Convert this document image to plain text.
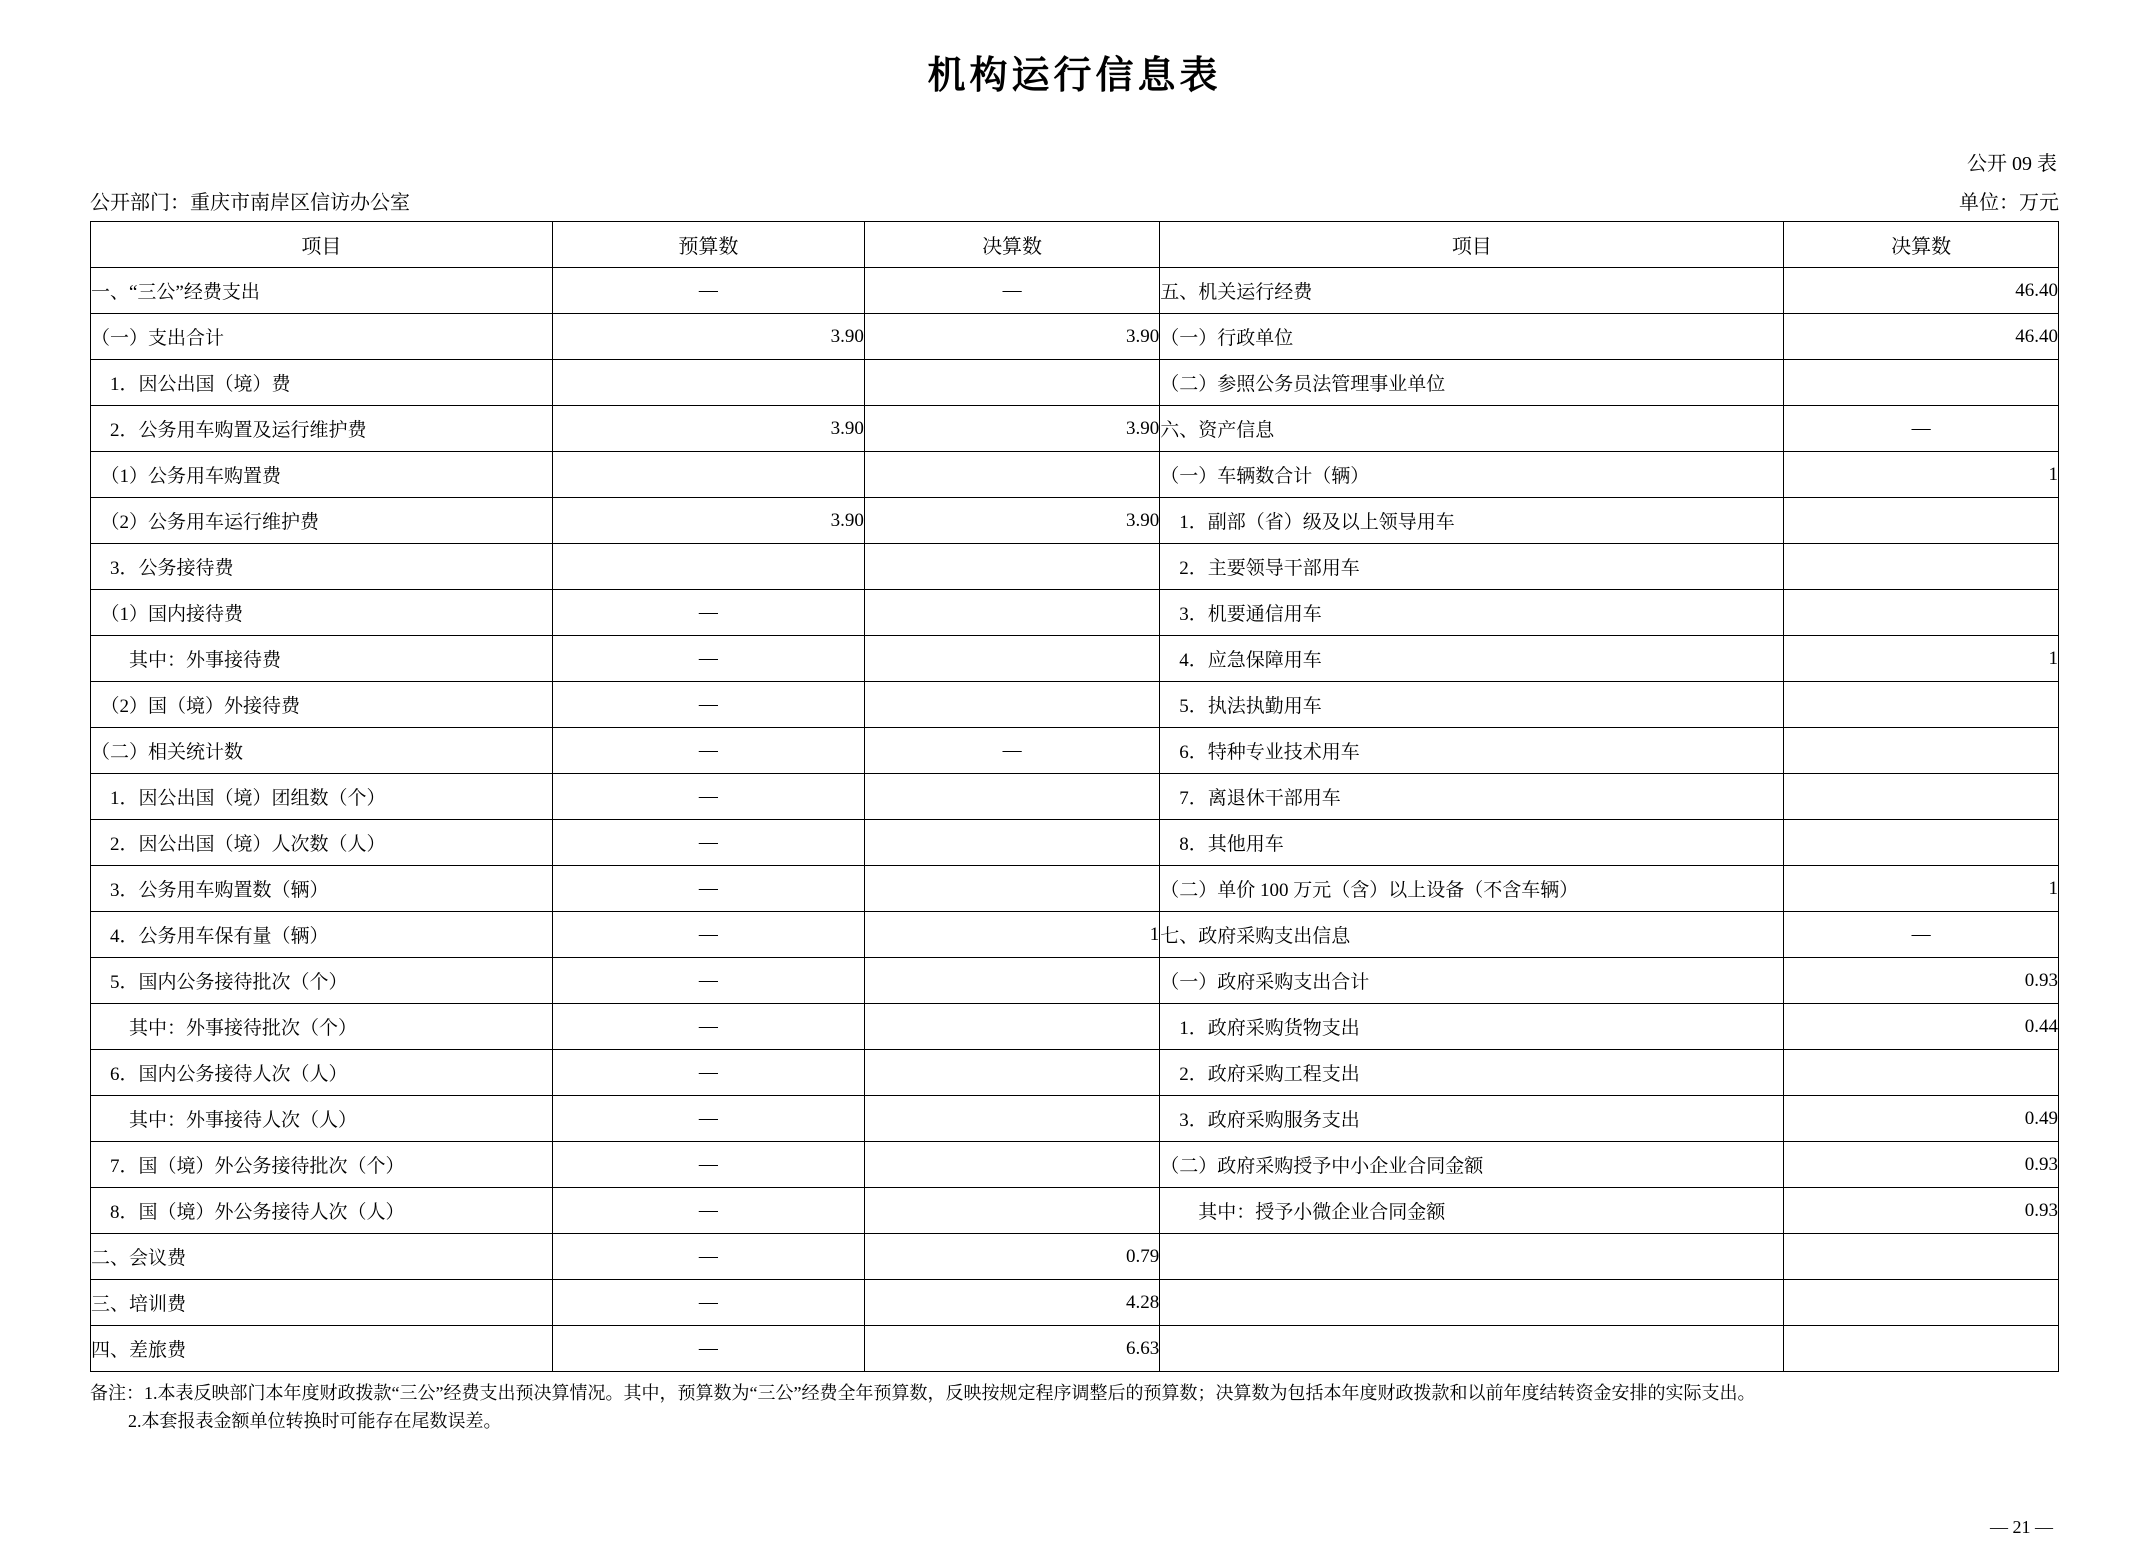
机构运行信息表
公开 09 表
公开部门：重庆市南岸区信访办公室	单位：万元
项目	预算数	决算数	项目	决算数
一、“三公”经费支出	—	—	五、机关运行经费	46.40
（一）支出合计	3.90	3.90	（一）行政单位	46.40
　1．因公出国（境）费			（二）参照公务员法管理事业单位	
　2．公务用车购置及运行维护费	3.90	3.90	六、资产信息	—
　（1）公务用车购置费			（一）车辆数合计（辆）	1
　（2）公务用车运行维护费	3.90	3.90	　1．副部（省）级及以上领导用车	
　3．公务接待费			　2．主要领导干部用车	
　（1）国内接待费	—		　3．机要通信用车	
　　其中：外事接待费	—		　4．应急保障用车	1
　（2）国（境）外接待费	—		　5．执法执勤用车	
（二）相关统计数	—	—	　6．特种专业技术用车	
　1．因公出国（境）团组数（个）	—		　7．离退休干部用车	
　2．因公出国（境）人次数（人）	—		　8．其他用车	
　3．公务用车购置数（辆）	—		（二）单价 100 万元（含）以上设备（不含车辆）	1
　4．公务用车保有量（辆）	—	1	七、政府采购支出信息	—
　5．国内公务接待批次（个）	—		（一）政府采购支出合计	0.93
　　其中：外事接待批次（个）	—		　1．政府采购货物支出	0.44
　6．国内公务接待人次（人）	—		　2．政府采购工程支出	
　　其中：外事接待人次（人）	—		　3．政府采购服务支出	0.49
　7．国（境）外公务接待批次（个）	—		（二）政府采购授予中小企业合同金额	0.93
　8．国（境）外公务接待人次（人）	—		　　其中：授予小微企业合同金额	0.93
二、会议费	—	0.79		
三、培训费	—	4.28		
四、差旅费	—	6.63		
备注：1.本表反映部门本年度财政拨款“三公”经费支出预决算情况。其中，预算数为“三公”经费全年预算数，反映按规定程序调整后的预算数；决算数为包括本年度财政拨款和以前年度结转资金安排的实际支出。
2.本套报表金额单位转换时可能存在尾数误差。
— 21 —
